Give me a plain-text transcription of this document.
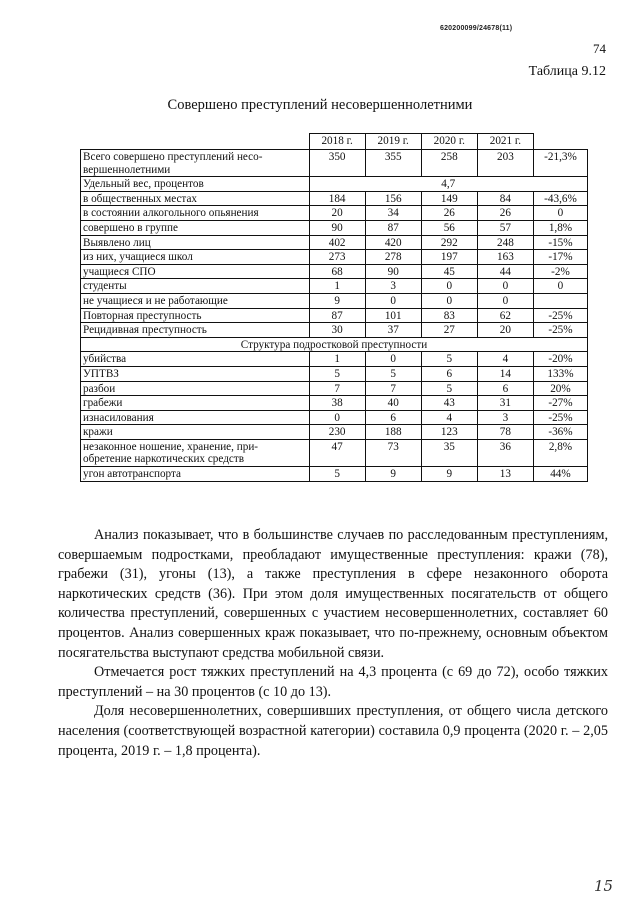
620200099/24678(11)
74
Таблица 9.12
Совершено преступлений несовершеннолетними
	2018 г.	2019 г.	2020 г.	2021 г.	
Всего совершено преступлений несо-вершеннолетними	350	355	258	203	-21,3%
Удельный вес, процентов	4,7				
в общественных местах	184	156	149	84	-43,6%
в состоянии алкогольного опьянения	20	34	26	26	0
совершено в группе	90	87	56	57	1,8%
Выявлено лиц	402	420	292	248	-15%
из них, учащиеся школ	273	278	197	163	-17%
учащиеся СПО	68	90	45	44	-2%
студенты	1	3	0	0	0
не учащиеся и не работающие	9	0	0	0	
Повторная преступность	87	101	83	62	-25%
Рецидивная преступность	30	37	27	20	-25%
Структура подростковой преступности					
убийства	1	0	5	4	-20%
УПТВЗ	5	5	6	14	133%
разбои	7	7	5	6	20%
грабежи	38	40	43	31	-27%
изнасилования	0	6	4	3	-25%
кражи	230	188	123	78	-36%
незаконное ношение, хранение, при-обретение наркотических средств	47	73	35	36	2,8%
угон автотранспорта	5	9	9	13	44%

Анализ показывает, что в большинстве случаев по расследованным преступлениям, совершаемым подростками, преобладают имущественные преступления: кражи (78), грабежи (31), угоны (13), а также преступления в сфере незаконного оборота наркотических средств (36). При этом доля имущественных посягательств от общего количества преступлений, совершенных с участием несовершеннолетних, составляет 60 процентов. Анализ совершенных краж показывает, что по-прежнему, основным объектом посягательства выступают средства мобильной связи.

Отмечается рост тяжких преступлений на 4,3 процента (с 69 до 72), особо тяжких преступлений – на 30 процентов (с 10 до 13).

Доля несовершеннолетних, совершивших преступления, от общего числа детского населения (соответствующей возрастной категории) составила 0,9 процента (2020 г. – 2,05 процента, 2019 г. – 1,8 процента).

15
